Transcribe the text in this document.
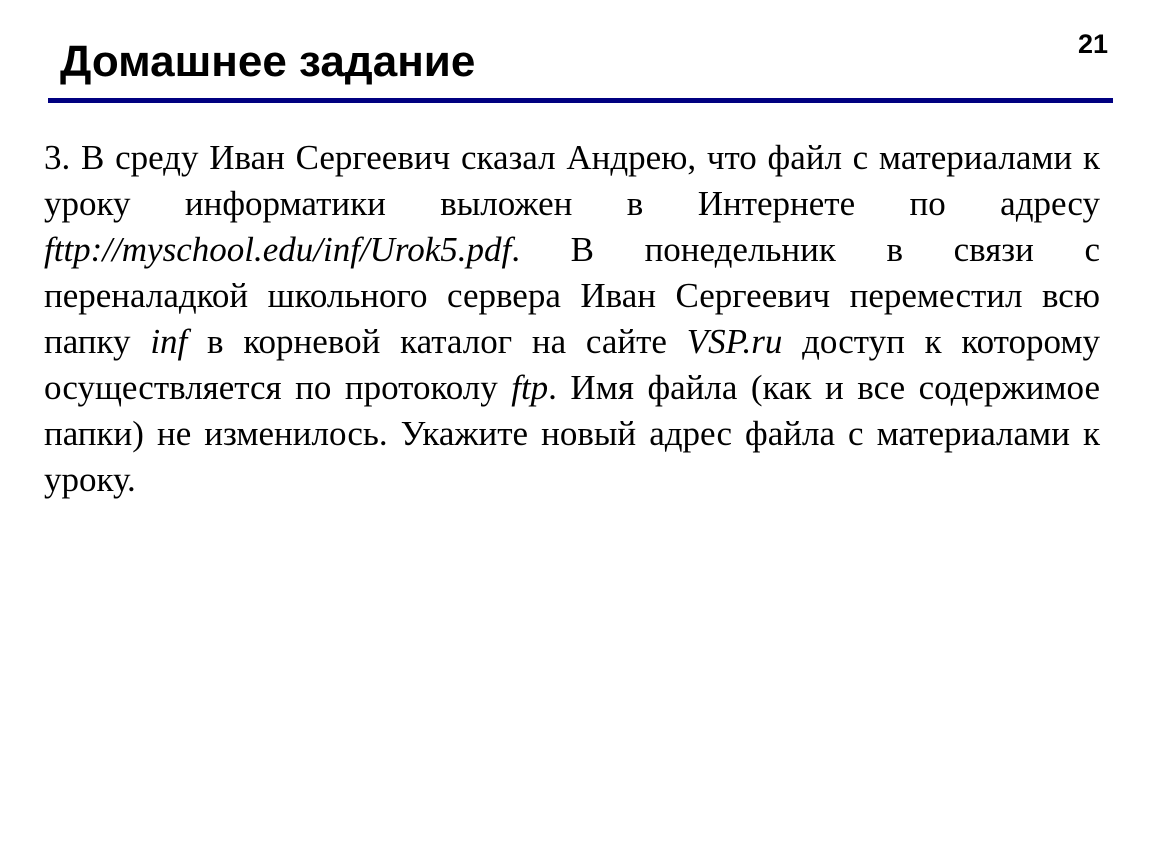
Домашнее задание	21

3. В среду Иван Сергеевич сказал Андрею, что файл с материалами к уроку информатики выложен в Интернете по адресу fttp://myschool.edu/inf/Urok5.pdf. В понедельник в связи с переналадкой школьного сервера Иван Сергеевич переместил всю папку inf в корневой каталог на сайте VSP.ru доступ к которому осуществляется по протоколу ftp. Имя файла (как и все содержимое папки) не изменилось. Укажите новый адрес файла с материалами к уроку.
